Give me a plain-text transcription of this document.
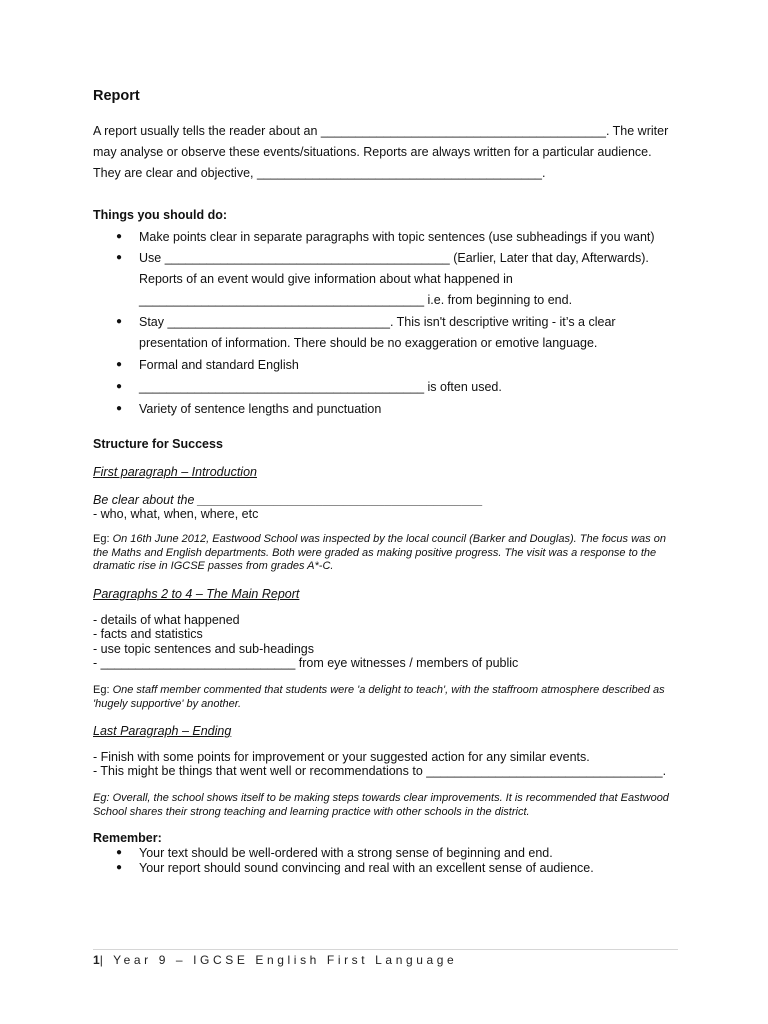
Report
A report usually tells the reader about an _________________________________________. The writer
may analyse or observe these events/situations. Reports are always written for a particular audience.
They are clear and objective, _________________________________________.
Things you should do:
● Make points clear in separate paragraphs with topic sentences (use subheadings if you want)
● Use _________________________________________ (Earlier, Later that day, Afterwards).
Reports of an event would give information about what happened in
_________________________________________ i.e. from beginning to end.
● Stay ________________________________. This isn't descriptive writing - it’s a clear
presentation of information. There should be no exaggeration or emotive language.
● Formal and standard English
● _________________________________________ is often used.
● Variety of sentence lengths and punctuation
Structure for Success
First paragraph – Introduction
Be clear about the _________________________________________
- who, what, when, where, etc
Eg: On 16th June 2012, Eastwood School was inspected by the local council (Barker and Douglas). The focus was on the Maths and English departments. Both were graded as making positive progress. The visit was a response to the dramatic rise in IGCSE passes from grades A*-C.
Paragraphs 2 to 4 – The Main Report
- details of what happened
- facts and statistics
- use topic sentences and sub-headings
- ____________________________ from eye witnesses / members of public
Eg: One staff member commented that students were 'a delight to teach', with the staffroom atmosphere described as 'hugely supportive' by another.
Last Paragraph – Ending
- Finish with some points for improvement or your suggested action for any similar events.
- This might be things that went well or recommendations to __________________________________.
Eg: Overall, the school shows itself to be making steps towards clear improvements. It is recommended that Eastwood School shares their strong teaching and learning practice with other schools in the district.
Remember:
● Your text should be well-ordered with a strong sense of beginning and end.
● Your report should sound convincing and real with an excellent sense of audience.
1| Year 9 – IGCSE English First Language
